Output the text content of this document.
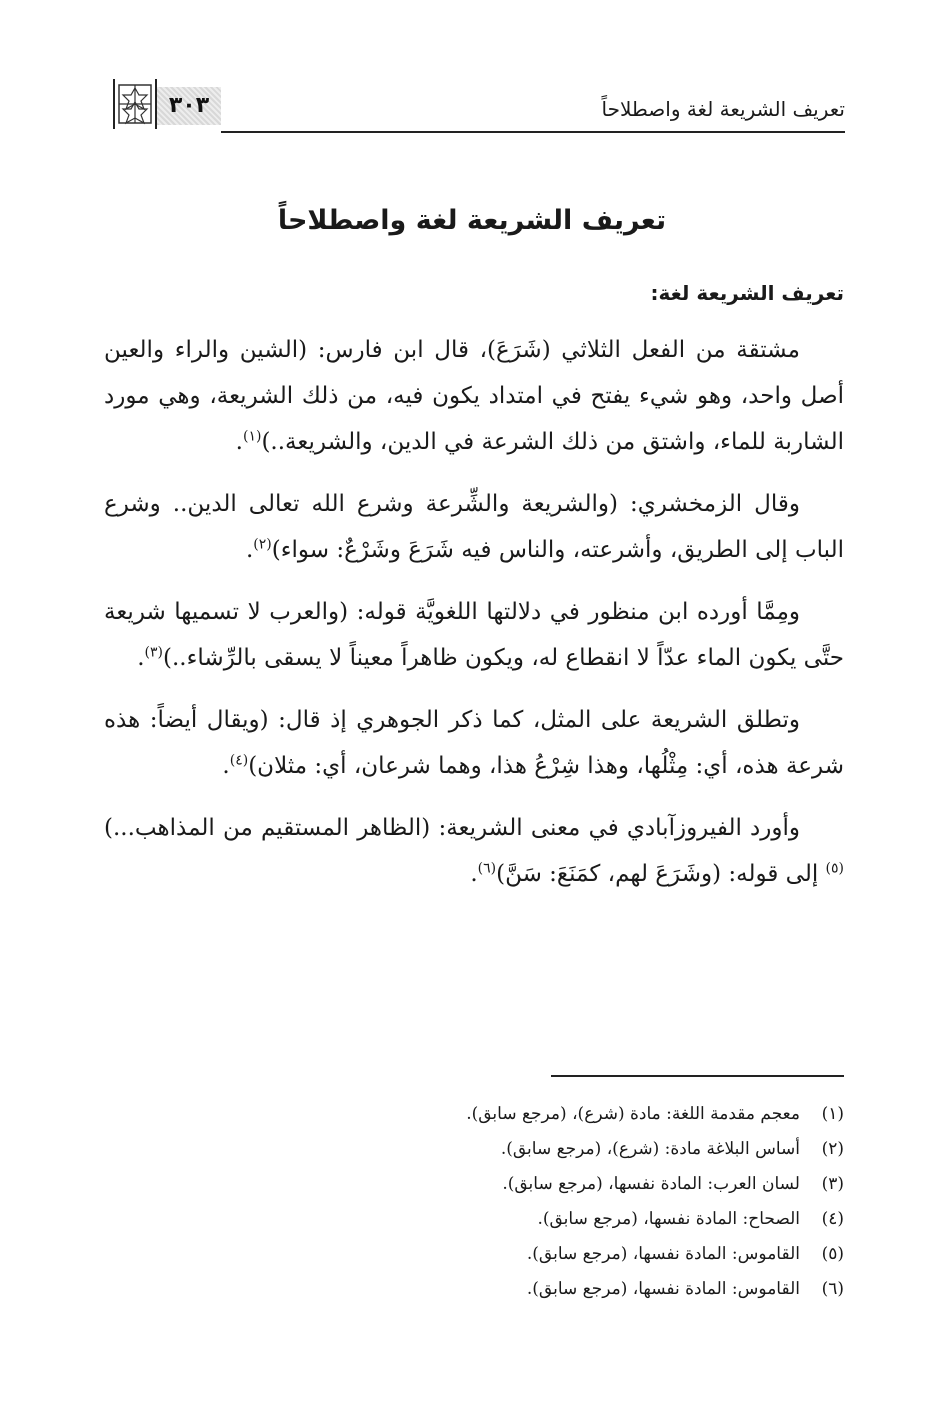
تعريف الشريعة لغة واصطلاحاً
٣٠٣
تعريف الشريعة لغة واصطلاحاً
تعريف الشريعة لغة:

مشتقة من الفعل الثلاثي (شَرَعَ)، قال ابن فارس: (الشين والراء والعين أصل واحد، وهو شيء يفتح في امتداد يكون فيه، من ذلك الشريعة، وهي مورد الشاربة للماء، واشتق من ذلك الشرعة في الدين، والشريعة..)$^{(١)}$.

وقال الزمخشري: (والشريعة والشِّرعة وشرع الله تعالى الدين.. وشرع الباب إلى الطريق، وأشرعته، والناس فيه شَرَعَ وشَرْعٌ: سواء)$^{(٢)}$.

ومِمَّا أورده ابن منظور في دلالتها اللغويَّة قوله: (والعرب لا تسميها شريعة حتَّى يكون الماء عدّاً لا انقطاع له، ويكون ظاهراً معيناً لا يسقى بالرِّشاء..)$^{(٣)}$.

وتطلق الشريعة على المثل، كما ذكر الجوهري إذ قال: (ويقال أيضاً: هذه شرعة هذه، أي: مِثْلُها، وهذا شِرْعُ هذا، وهما شرعان، أي: مثلان)$^{(٤)}$.

وأورد الفيروزآبادي في معنى الشريعة: (الظاهر المستقيم من المذاهب...)$^{(٥)}$ إلى قوله: (وشَرَعَ لهم، كمَنَعَ: سَنَّ)$^{(٦)}$.

(١)
معجم مقدمة اللغة: مادة (شرع)، (مرجع سابق).
(٢)
أساس البلاغة مادة: (شرع)، (مرجع سابق).
(٣)
لسان العرب: المادة نفسها، (مرجع سابق).
(٤)
الصحاح: المادة نفسها، (مرجع سابق).
(٥)
القاموس: المادة نفسها، (مرجع سابق).
(٦)
القاموس: المادة نفسها، (مرجع سابق).
